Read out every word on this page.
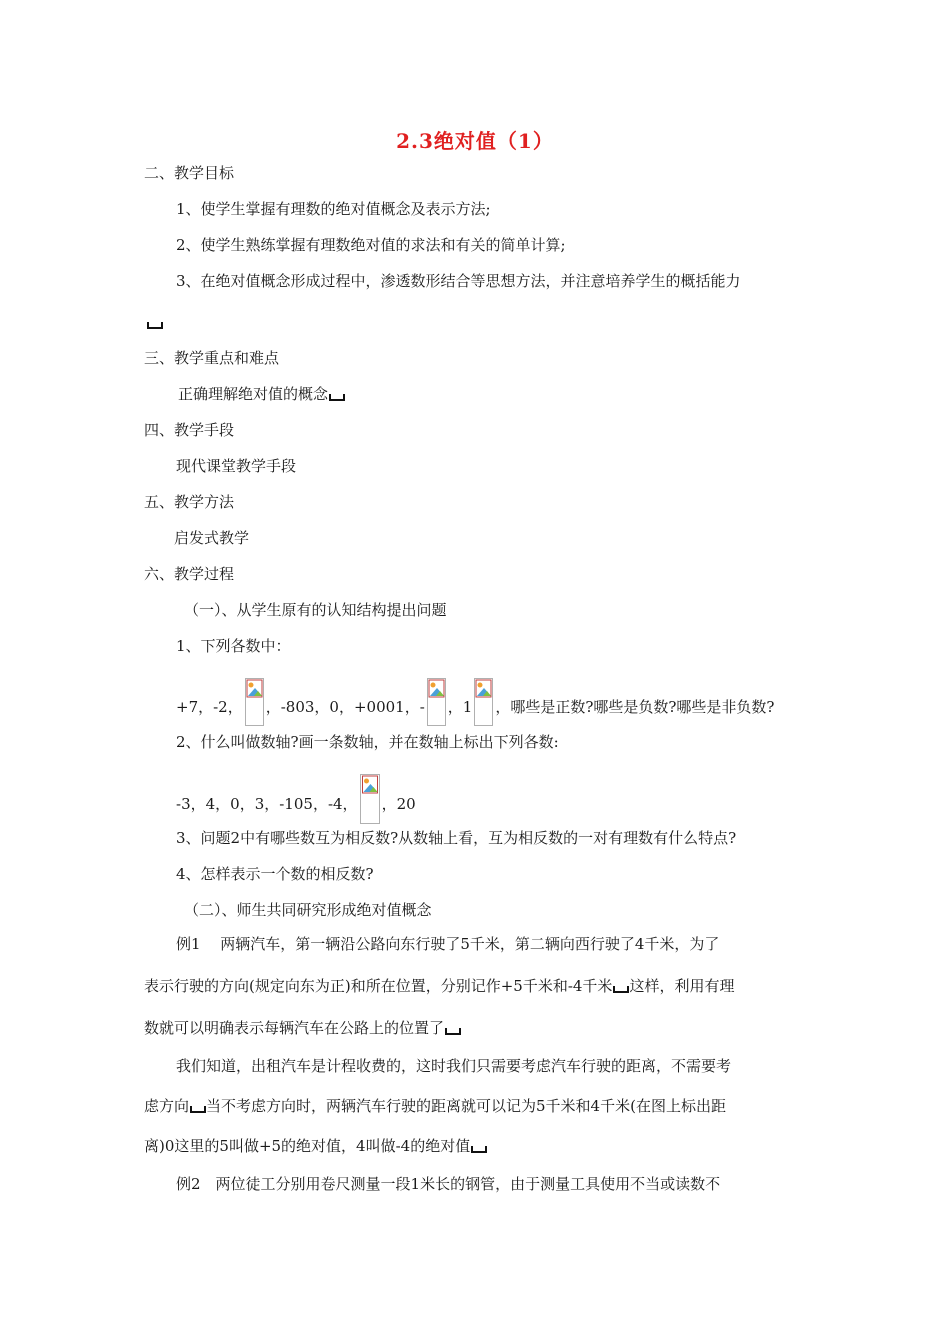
2.3绝对值（1）
二、教学目标
1、使学生掌握有理数的绝对值概念及表示方法;
2、使学生熟练掌握有理数绝对值的求法和有关的简单计算;
3、在绝对值概念形成过程中，渗透数形结合等思想方法，并注意培养学生的概括能力
三、教学重点和难点
正确理解绝对值的概念
四、教学手段
现代课堂教学手段
五、教学方法
启发式教学
六、教学过程
（一）、从学生原有的认知结构提出问题
1、下列各数中：
+7，-2， ，-803，0，+0001，- ，1 ，哪些是正数?哪些是负数?哪些是非负数?
2、什么叫做数轴?画一条数轴，并在数轴上标出下列各数:
-3，4，0，3，-105，-4， ，20
3、问题2中有哪些数互为相反数?从数轴上看，互为相反数的一对有理数有什么特点?
4、怎样表示一个数的相反数?
（二）、师生共同研究形成绝对值概念
例1　 两辆汽车，第一辆沿公路向东行驶了5千米，第二辆向西行驶了4千米，为了
表示行驶的方向(规定向东为正)和所在位置，分别记作+5千米和-4千米 这样，利用有理
数就可以明确表示每辆汽车在公路上的位置了
我们知道，出租汽车是计程收费的，这时我们只需要考虑汽车行驶的距离，不需要考
虑方向 当不考虑方向时，两辆汽车行驶的距离就可以记为5千米和4千米(在图上标出距
离)0这里的5叫做+5的绝对值，4叫做-4的绝对值
例2　两位徒工分别用卷尺测量一段1米长的钢管，由于测量工具使用不当或读数不
